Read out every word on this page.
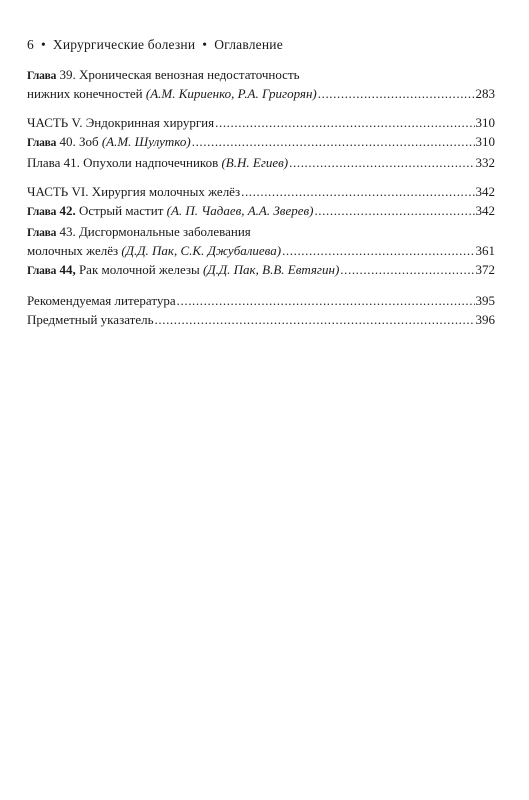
6 • Хирургические болезни • Оглавление
Глава 39. Хроническая венозная недостаточность
нижних конечностей (А.М. Кириенко, Р.А. Григорян) .....	283
ЧАСТЬ V. Эндокринная хирургия .....	310
Глава 40. Зоб (А.М. Шулутко) .....	310
Плава 41. Опухоли надпочечников (В.Н. Егиев) .....	332
ЧАСТЬ VI. Хирургия молочных желёз .....	342
Глава 42. Острый мастит (А. П. Чадаев, А.А. Зверев) .....	342
Глава 43. Дисгормональные заболевания
молочных желёз (Д.Д. Пак, С.К. Джубалиева) .....	361
Глава 44, Рак молочной железы (Д.Д. Пак, В.В. Евтягин) .....	372
Рекомендуемая литература .....	395
Предметный указатель .....	396
